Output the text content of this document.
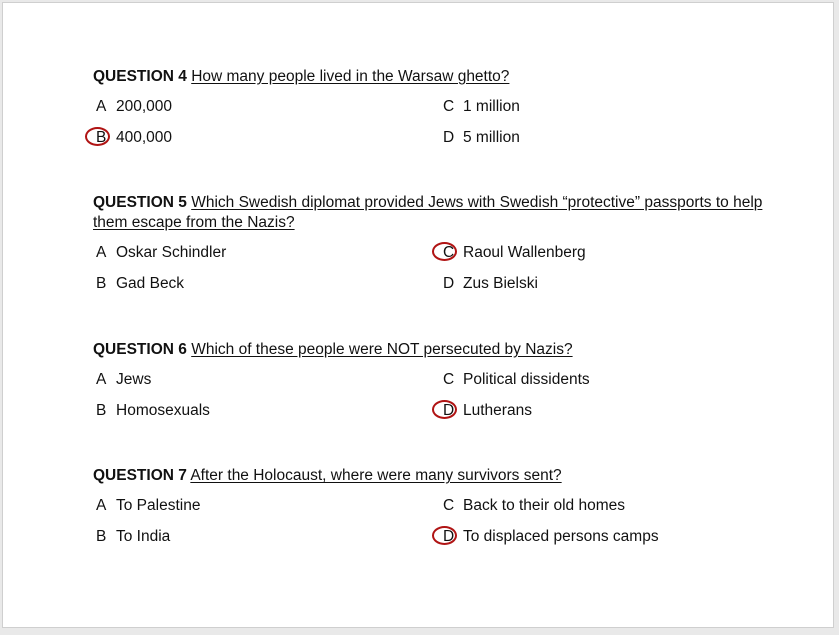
QUESTION 4 How many people lived in the Warsaw ghetto?

A 200,000
B 400,000
C 1 million
D 5 million

QUESTION 5 Which Swedish diplomat provided Jews with Swedish “protective” passports to help them escape from the Nazis?

A Oskar Schindler
B Gad Beck
C Raoul Wallenberg
D Zus Bielski

QUESTION 6 Which of these people were NOT persecuted by Nazis?

A Jews
B Homosexuals
C Political dissidents
D Lutherans

QUESTION 7 After the Holocaust, where were many survivors sent?

A To Palestine
B To India
C Back to their old homes
D To displaced persons camps
